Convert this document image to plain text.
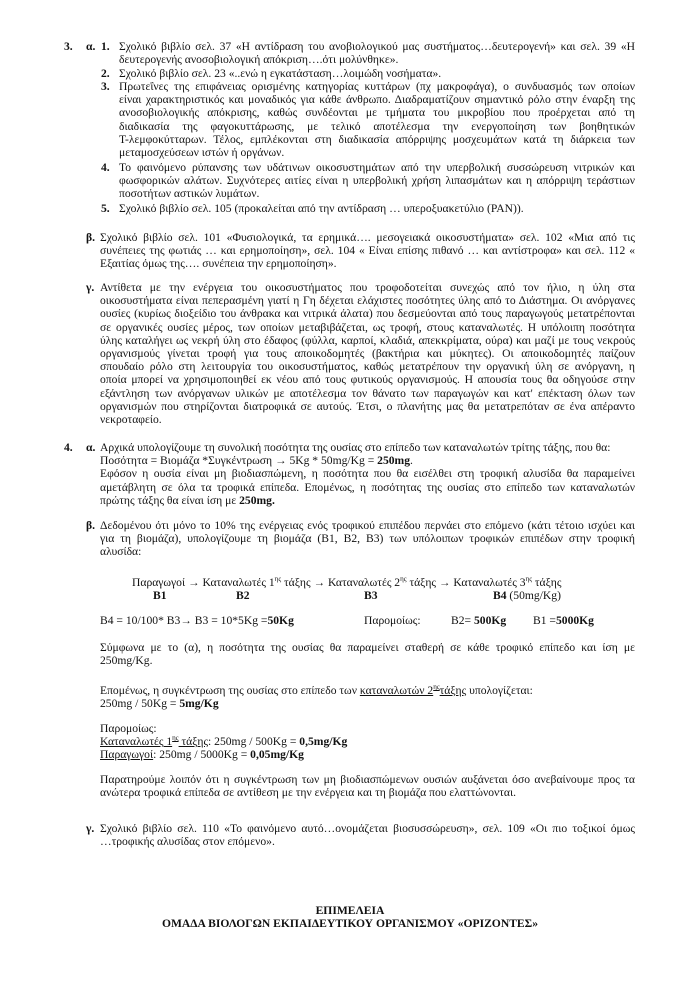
3. α. 1. Σχολικό βιβλίο σελ. 37 «Η αντίδραση του ανοβιολογικού μας συστήματος…δευτερογενή» και σελ. 39 «Η

δευτερογενής ανοσοβιολογική απόκριση….ότι μολύνθηκε».

2. Σχολικό βιβλίο σελ. 23 «..ενώ η εγκατάσταση…λοιμώδη νοσήματα».

3. Πρωτεΐνες της επιφάνειας ορισμένης κατηγορίας κυττάρων (πχ μακροφάγα), ο συνδυασμός των οποίων

είναι χαρακτηριστικός και μοναδικός για κάθε άνθρωπο. Διαδραματίζουν σημαντικό ρόλο στην έναρξη της

ανοσοβιολογικής απόκρισης, καθώς συνδέονται με τμήματα του μικροβίου που προέρχεται από τη

διαδικασία της φαγοκυττάρωσης, με τελικό αποτέλεσμα την ενεργοποίηση των βοηθητικών

Τ-λεμφοκύτταρων. Τέλος, εμπλέκονται στη διαδικασία απόρριψης μοσχευμάτων κατά τη διάρκεια των

μεταμοσχεύσεων ιστών ή οργάνων.

4. Το φαινόμενο ρύπανσης των υδάτινων οικοσυστημάτων από την υπερβολική συσσώρευση νιτρικών και

φωσφορικών αλάτων. Συχνότερες αιτίες είναι η υπερβολική χρήση λιπασμάτων και η απόρριψη τεράστιων

ποσοτήτων αστικών λυμάτων.

5. Σχολικό βιβλίο σελ. 105 (προκαλείται από την αντίδραση … υπεροξυακετύλιο (PAN)).

β. Σχολικό βιβλίο σελ. 101 «Φυσιολογικά, τα ερημικά…. μεσογειακά οικοσυστήματα» σελ. 102 «Μια από τις

συνέπειες της φωτιάς … και ερημοποίηση», σελ. 104 « Είναι επίσης πιθανό … και αντίστροφα» και σελ. 112 «

Εξαιτίας όμως της…. συνέπεια την ερημοποίηση».

γ. Αντίθετα με την ενέργεια του οικοσυστήματος που τροφοδοτείται συνεχώς από τον ήλιο, η ύλη στα

οικοσυστήματα είναι πεπερασμένη γιατί η Γη δέχεται ελάχιστες ποσότητες ύλης από το Διάστημα. Οι ανόργανες

ουσίες (κυρίως διοξείδιο του άνθρακα και νιτρικά άλατα) που δεσμεύονται από τους παραγωγούς μετατρέπονται

σε οργανικές ουσίες μέρος, των οποίων μεταβιβάζεται, ως τροφή, στους καταναλωτές. Η υπόλοιπη ποσότητα

ύλης καταλήγει ως νεκρή ύλη στο έδαφος (φύλλα, καρποί, κλαδιά, απεκκρίματα, ούρα) και μαζί με τους νεκρούς

οργανισμούς γίνεται τροφή για τους αποικοδομητές (βακτήρια και μύκητες). Οι αποικοδομητές παίζουν

σπουδαίο ρόλο στη λειτουργία του οικοσυστήματος, καθώς μετατρέπουν την οργανική ύλη σε ανόργανη, η

οποία μπορεί να χρησιμοποιηθεί εκ νέου από τους φυτικούς οργανισμούς. Η απουσία τους θα οδηγούσε στην

εξάντληση των ανόργανων υλικών με αποτέλεσμα τον θάνατο των παραγωγών και κατ' επέκταση όλων των

οργανισμών που στηρίζονται διατροφικά σε αυτούς. Έτσι, ο πλανήτης μας θα μετατρεπόταν σε ένα απέραντο

νεκροταφείο.

4. α. Αρχικά υπολογίζουμε τη συνολική ποσότητα της ουσίας στο επίπεδο των καταναλωτών τρίτης τάξης, που θα:

Ποσότητα = Βιομάζα *Συγκέντρωση → 5Kg * 50mg/Kg = 250mg.

Εφόσον η ουσία είναι μη βιοδιασπώμενη, η ποσότητα που θα εισέλθει στη τροφική αλυσίδα θα παραμείνει

αμετάβλητη σε όλα τα τροφικά επίπεδα. Επομένως, η ποσότητας της ουσίας στο επίπεδο των καταναλωτών

πρώτης τάξης θα είναι ίση με 250mg.

β. Δεδομένου ότι μόνο το 10% της ενέργειας ενός τροφικού επιπέδου περνάει στο επόμενο (κάτι τέτοιο ισχύει και

για τη βιομάζα), υπολογίζουμε τη βιομάζα (Β1, Β2, Β3) των υπόλοιπων τροφικών επιπέδων στην τροφική

αλυσίδα:

Παραγωγοί → Καταναλωτές $1^{\eta\varsigma}$ τάξης → Καταναλωτές $2^{\eta\varsigma}$ τάξης → Καταναλωτές $3^{\eta\varsigma}$ τάξης
Β1	Β2	Β3	Β4 (50mg/Kg)
Β4 = 10/100* Β3→ Β3 = 10*5Kg =50Kg	Παρομοίως:	Β2= 500Kg Β1 =5000Kg

Σύμφωνα με το (α), η ποσότητα της ουσίας θα παραμείνει σταθερή σε κάθε τροφικό επίπεδο και ίση με

250mg/Kg.

Επομένως, η συγκέντρωση της ουσίας στο επίπεδο των καταναλωτών $2^{\eta\varsigma}\tau ά\xi\eta\varsigma$ υπολογίζεται:

250mg / 50Kg = 5mg/Kg

Παρομοίως:

Καταναλωτές $1^{\eta\varsigma}$ τάξης: 250mg / 500Kg = 0,5mg/Kg

Παραγωγοί: 250mg / 5000Kg = 0,05mg/Kg

Παρατηρούμε λοιπόν ότι η συγκέντρωση των μη βιοδιασπώμενων ουσιών αυξάνεται όσο ανεβαίνουμε προς τα

ανώτερα τροφικά επίπεδα σε αντίθεση με την ενέργεια και τη βιομάζα που ελαττώνονται.

γ. Σχολικό βιβλίο σελ. 110 «Το φαινόμενο αυτό…ονομάζεται βιοσυσσώρευση», σελ. 109 «Οι πιο τοξικοί όμως

…τροφικής αλυσίδας στον επόμενο».

ΕΠΙΜΕΛΕΙΑ
ΟΜΑΔΑ ΒΙΟΛΟΓΩΝ ΕΚΠΑΙΔΕΥΤΙΚΟΥ ΟΡΓΑΝΙΣΜΟΥ «ΟΡΙΖΟΝΤΕΣ»
